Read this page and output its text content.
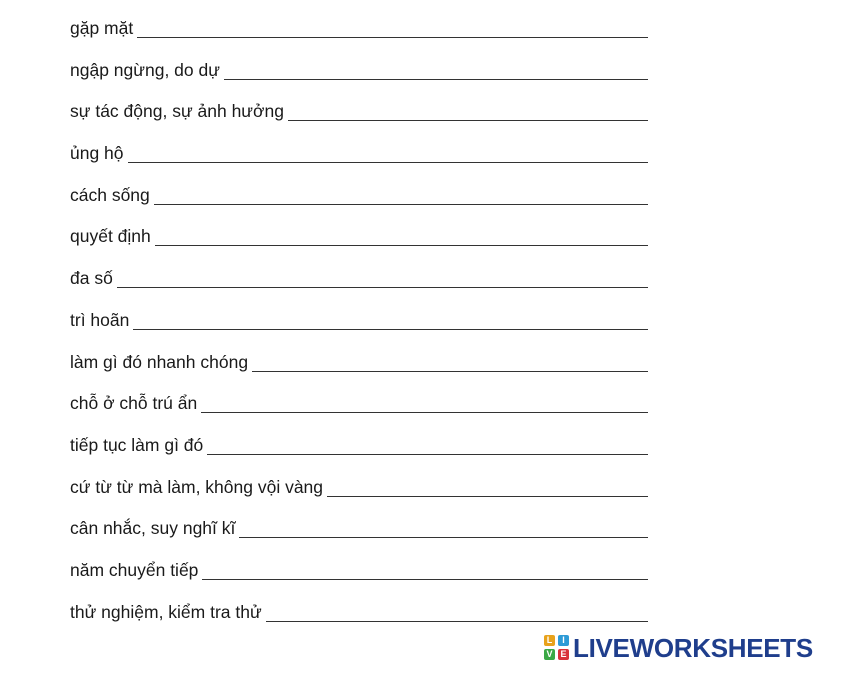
gặp mặt
ngập ngừng, do dự
sự tác động, sự ảnh hưởng
ủng hộ
cách sống
quyết định
đa số
trì hoãn
làm gì đó nhanh chóng
chỗ ở chỗ trú ẩn
tiếp tục làm gì đó
cứ từ từ mà làm, không vội vàng
cân nhắc, suy nghĩ kĩ
năm chuyển tiếp
thử nghiệm, kiểm tra thử
L	I
V E LIVEWORKSHEETS
